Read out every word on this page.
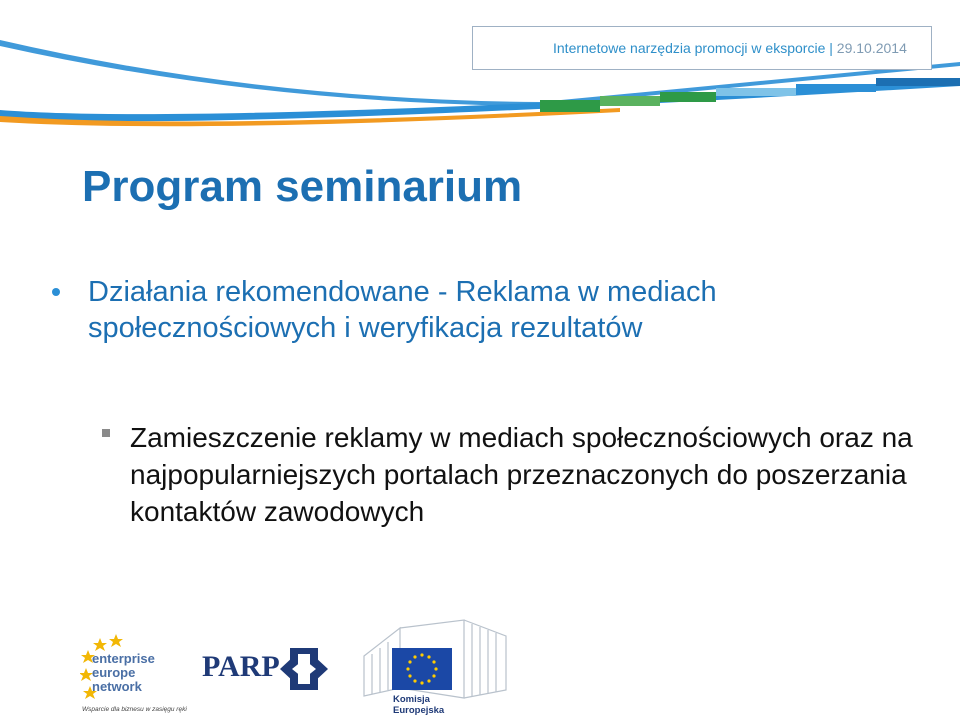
Internetowe narzędzia promocji w eksporcie | 29.10.2014
Program seminarium
Działania rekomendowane - Reklama w mediach społecznościowych i weryfikacja rezultatów
Zamieszczenie reklamy w mediach społecznościowych oraz na najpopularniejszych portalach przeznaczonych do poszerzania kontaktów zawodowych
enterprise
europe
network
Wsparcie dla biznesu w zasięgu ręki
PARP
Komisja
Europejska
